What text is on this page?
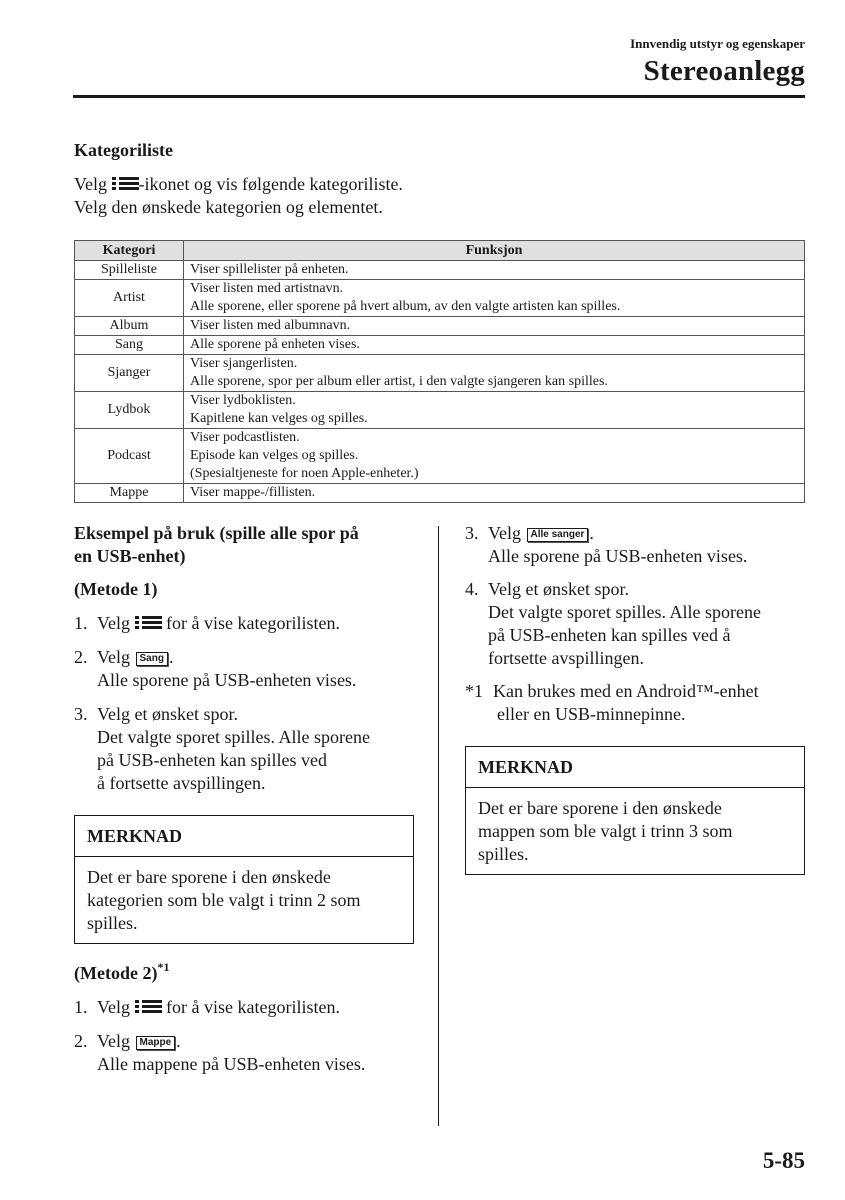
Innvendig utstyr og egenskaper
Stereoanlegg
Kategoriliste

Velg -ikonet og vis følgende kategoriliste.

Velg den ønskede kategorien og elementet.

Kategori	Funksjon
Spilleliste	Viser spillelister på enheten.

Artist	Viser listen med artistnavn.
Alle sporene, eller sporene på hvert album, av den valgte artisten kan spilles.

Album	Viser listen med albumnavn.

Sang	Alle sporene på enheten vises.

Sjanger	Viser sjangerlisten.
Alle sporene, spor per album eller artist, i den valgte sjangeren kan spilles.

Lydbok	Viser lydboklisten.
Kapitlene kan velges og spilles.

Podcast	Viser podcastlisten.
Episode kan velges og spilles.
(Spesialtjeneste for noen Apple-enheter.)

Mappe	Viser mappe-/fillisten.
Eksempel på bruk (spille alle spor på
en USB-enhet)
(Metode 1)
1. Velg for å vise kategorilisten.
2. Velg Sang .
Alle sporene på USB-enheten vises.
3. Velg et ønsket spor.
Det valgte sporet spilles. Alle sporene
på USB-enheten kan spilles ved
å fortsette avspillingen.
MERKNAD
Det er bare sporene i den ønskede
kategorien som ble valgt i trinn 2 som
spilles.
(Metode 2)$^{*1}$
1. Velg for å vise kategorilisten.
2. Velg Mappe .
Alle mappene på USB-enheten vises.
3. Velg Alle sanger .
Alle sporene på USB-enheten vises.
4. Velg et ønsket spor.
Det valgte sporet spilles. Alle sporene
på USB-enheten kan spilles ved å
fortsette avspillingen.
*1 Kan brukes med en Android™-enhet
eller en USB-minnepinne.
MERKNAD
Det er bare sporene i den ønskede
mappen som ble valgt i trinn 3 som
spilles.
5-85
